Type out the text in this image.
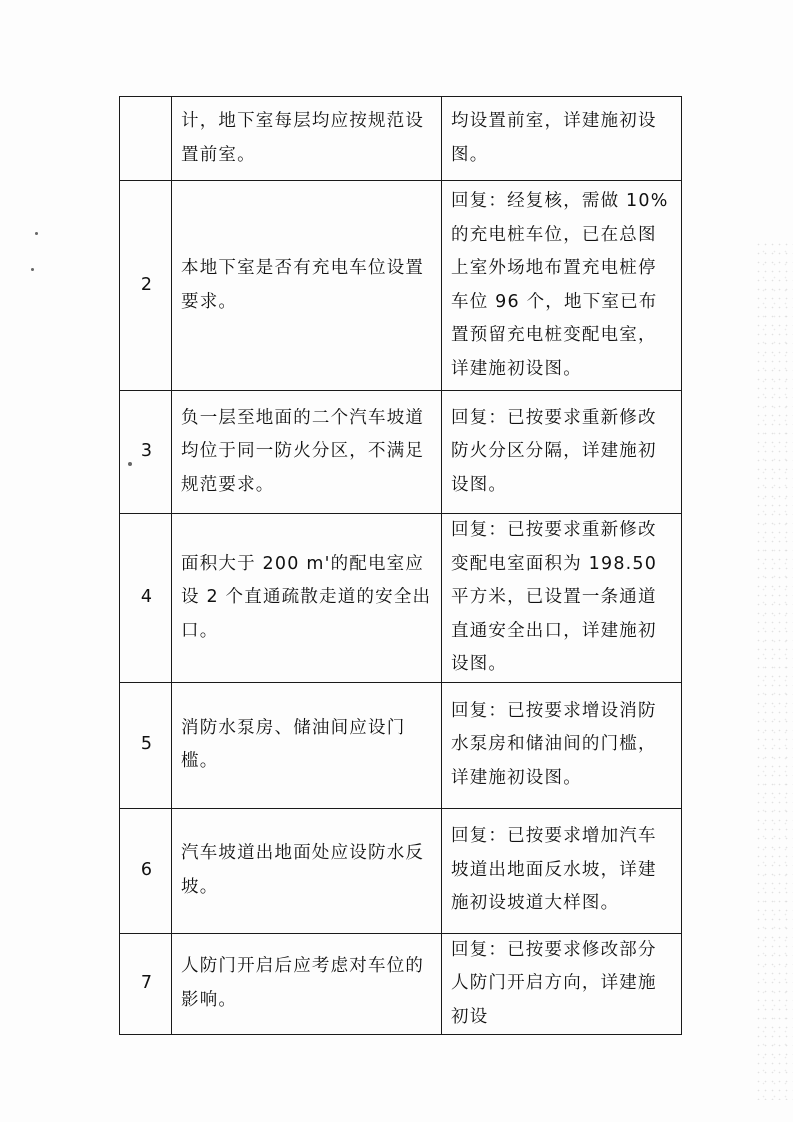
	计，地下室每层均应按规范设置前室。	均设置前室，详建施初设图。
2	本地下室是否有充电车位设置要求。	回复：经复核，需做 10%的充电桩车位，已在总图上室外场地布置充电桩停车位 96 个，地下室已布置预留充电桩变配电室，详建施初设图。
3	负一层至地面的二个汽车坡道均位于同一防火分区，不满足规范要求。	回复：已按要求重新修改防火分区分隔，详建施初设图。
4	面积大于 200 m'的配电室应设 2 个直通疏散走道的安全出口。	回复：已按要求重新修改变配电室面积为 198.50 平方米，已设置一条通道直通安全出口，详建施初设图。
5	消防水泵房、储油间应设门槛。	回复：已按要求增设消防水泵房和储油间的门槛，详建施初设图。
6	汽车坡道出地面处应设防水反坡。	回复：已按要求增加汽车坡道出地面反水坡，详建施初设坡道大样图。
7	人防门开启后应考虑对车位的影响。	回复：已按要求修改部分人防门开启方向，详建施初设
